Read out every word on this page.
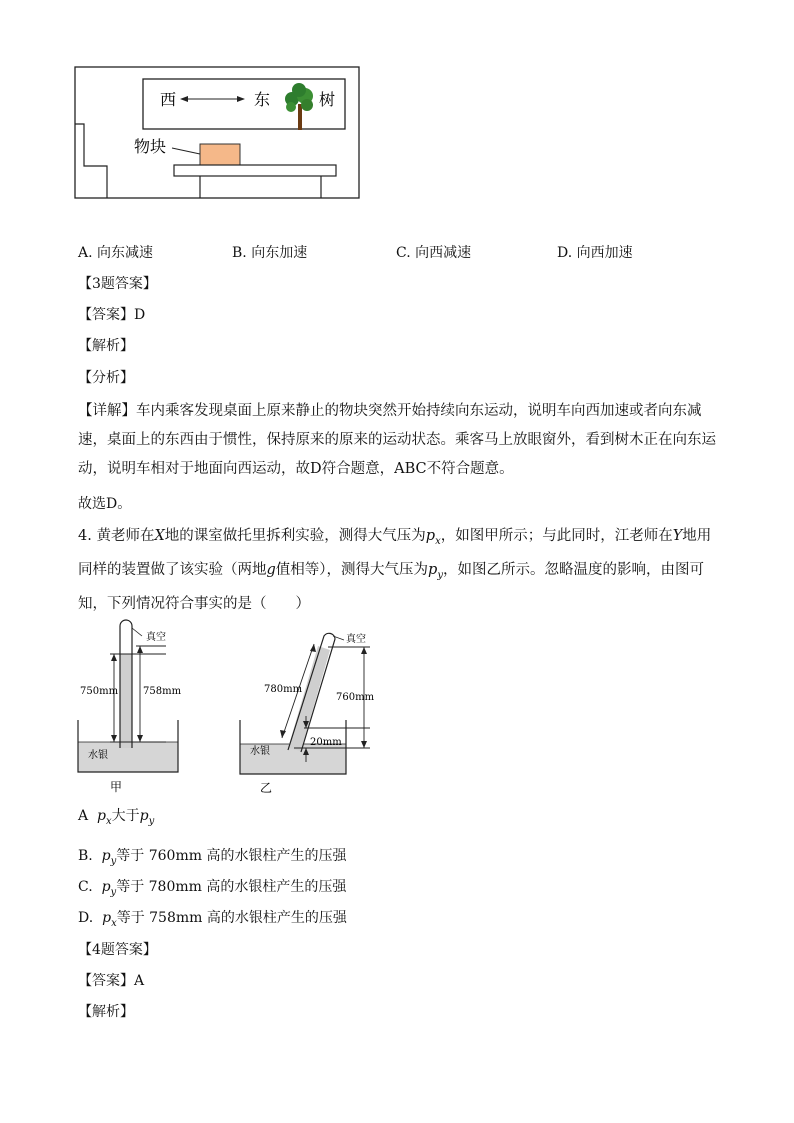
西	东	树
物块
A. 向东减速	B. 向东加速	C. 向西减速	D. 向西加速
【3题答案】
【答案】D
【解析】
【分析】
【详解】车内乘客发现桌面上原来静止的物块突然开始持续向东运动，说明车向西加速或者向东减速，桌面上的东西由于惯性，保持原来的原来的运动状态。乘客马上放眼窗外，看到树木正在向东运动，说明车相对于地面向西运动，故D符合题意，ABC不符合题意。
故选D。
4. 黄老师在X地的课室做托里拆利实验，测得大气压为$p_x$，如图甲所示；与此同时，江老师在Y地用同样的装置做了该实验（两地g值相等），测得大气压为$p_y$，如图乙所示。忽略温度的影响，由图可知，下列情况符合事实的是（　　）
真空
750mm 758mm
水银
甲
真空
780mm
760mm
20mm
水银
乙
A $p_x$大于$p_y$
B. $p_y$等于 760mm 高的水银柱产生的压强
C. $p_y$等于 780mm 高的水银柱产生的压强
D. $p_x$等于 758mm 高的水银柱产生的压强
【4题答案】
【答案】A
【解析】
